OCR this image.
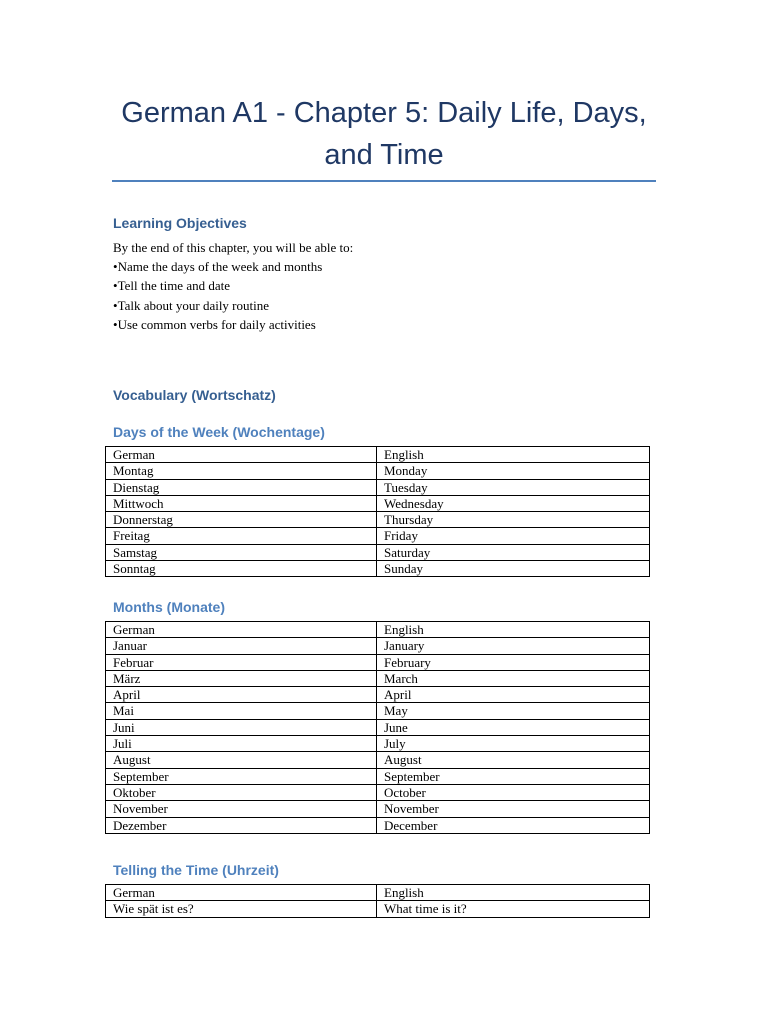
German A1 - Chapter 5: Daily Life, Days, and Time
Learning Objectives

By the end of this chapter, you will be able to:

• Name the days of the week and months
• Tell the time and date
• Talk about your daily routine
• Use common verbs for daily activities
Vocabulary (Wortschatz)
Days of the Week (Wochentage)
German	English
Montag	Monday
Dienstag	Tuesday
Mittwoch	Wednesday
Donnerstag	Thursday
Freitag	Friday
Samstag	Saturday
Sonntag	Sunday
Months (Monate)
German	English
Januar	January
Februar	February
März	March
April	April
Mai	May
Juni	June
Juli	July
August	August
September	September
Oktober	October
November	November
Dezember	December
Telling the Time (Uhrzeit)
German	English
Wie spät ist es?	What time is it?
